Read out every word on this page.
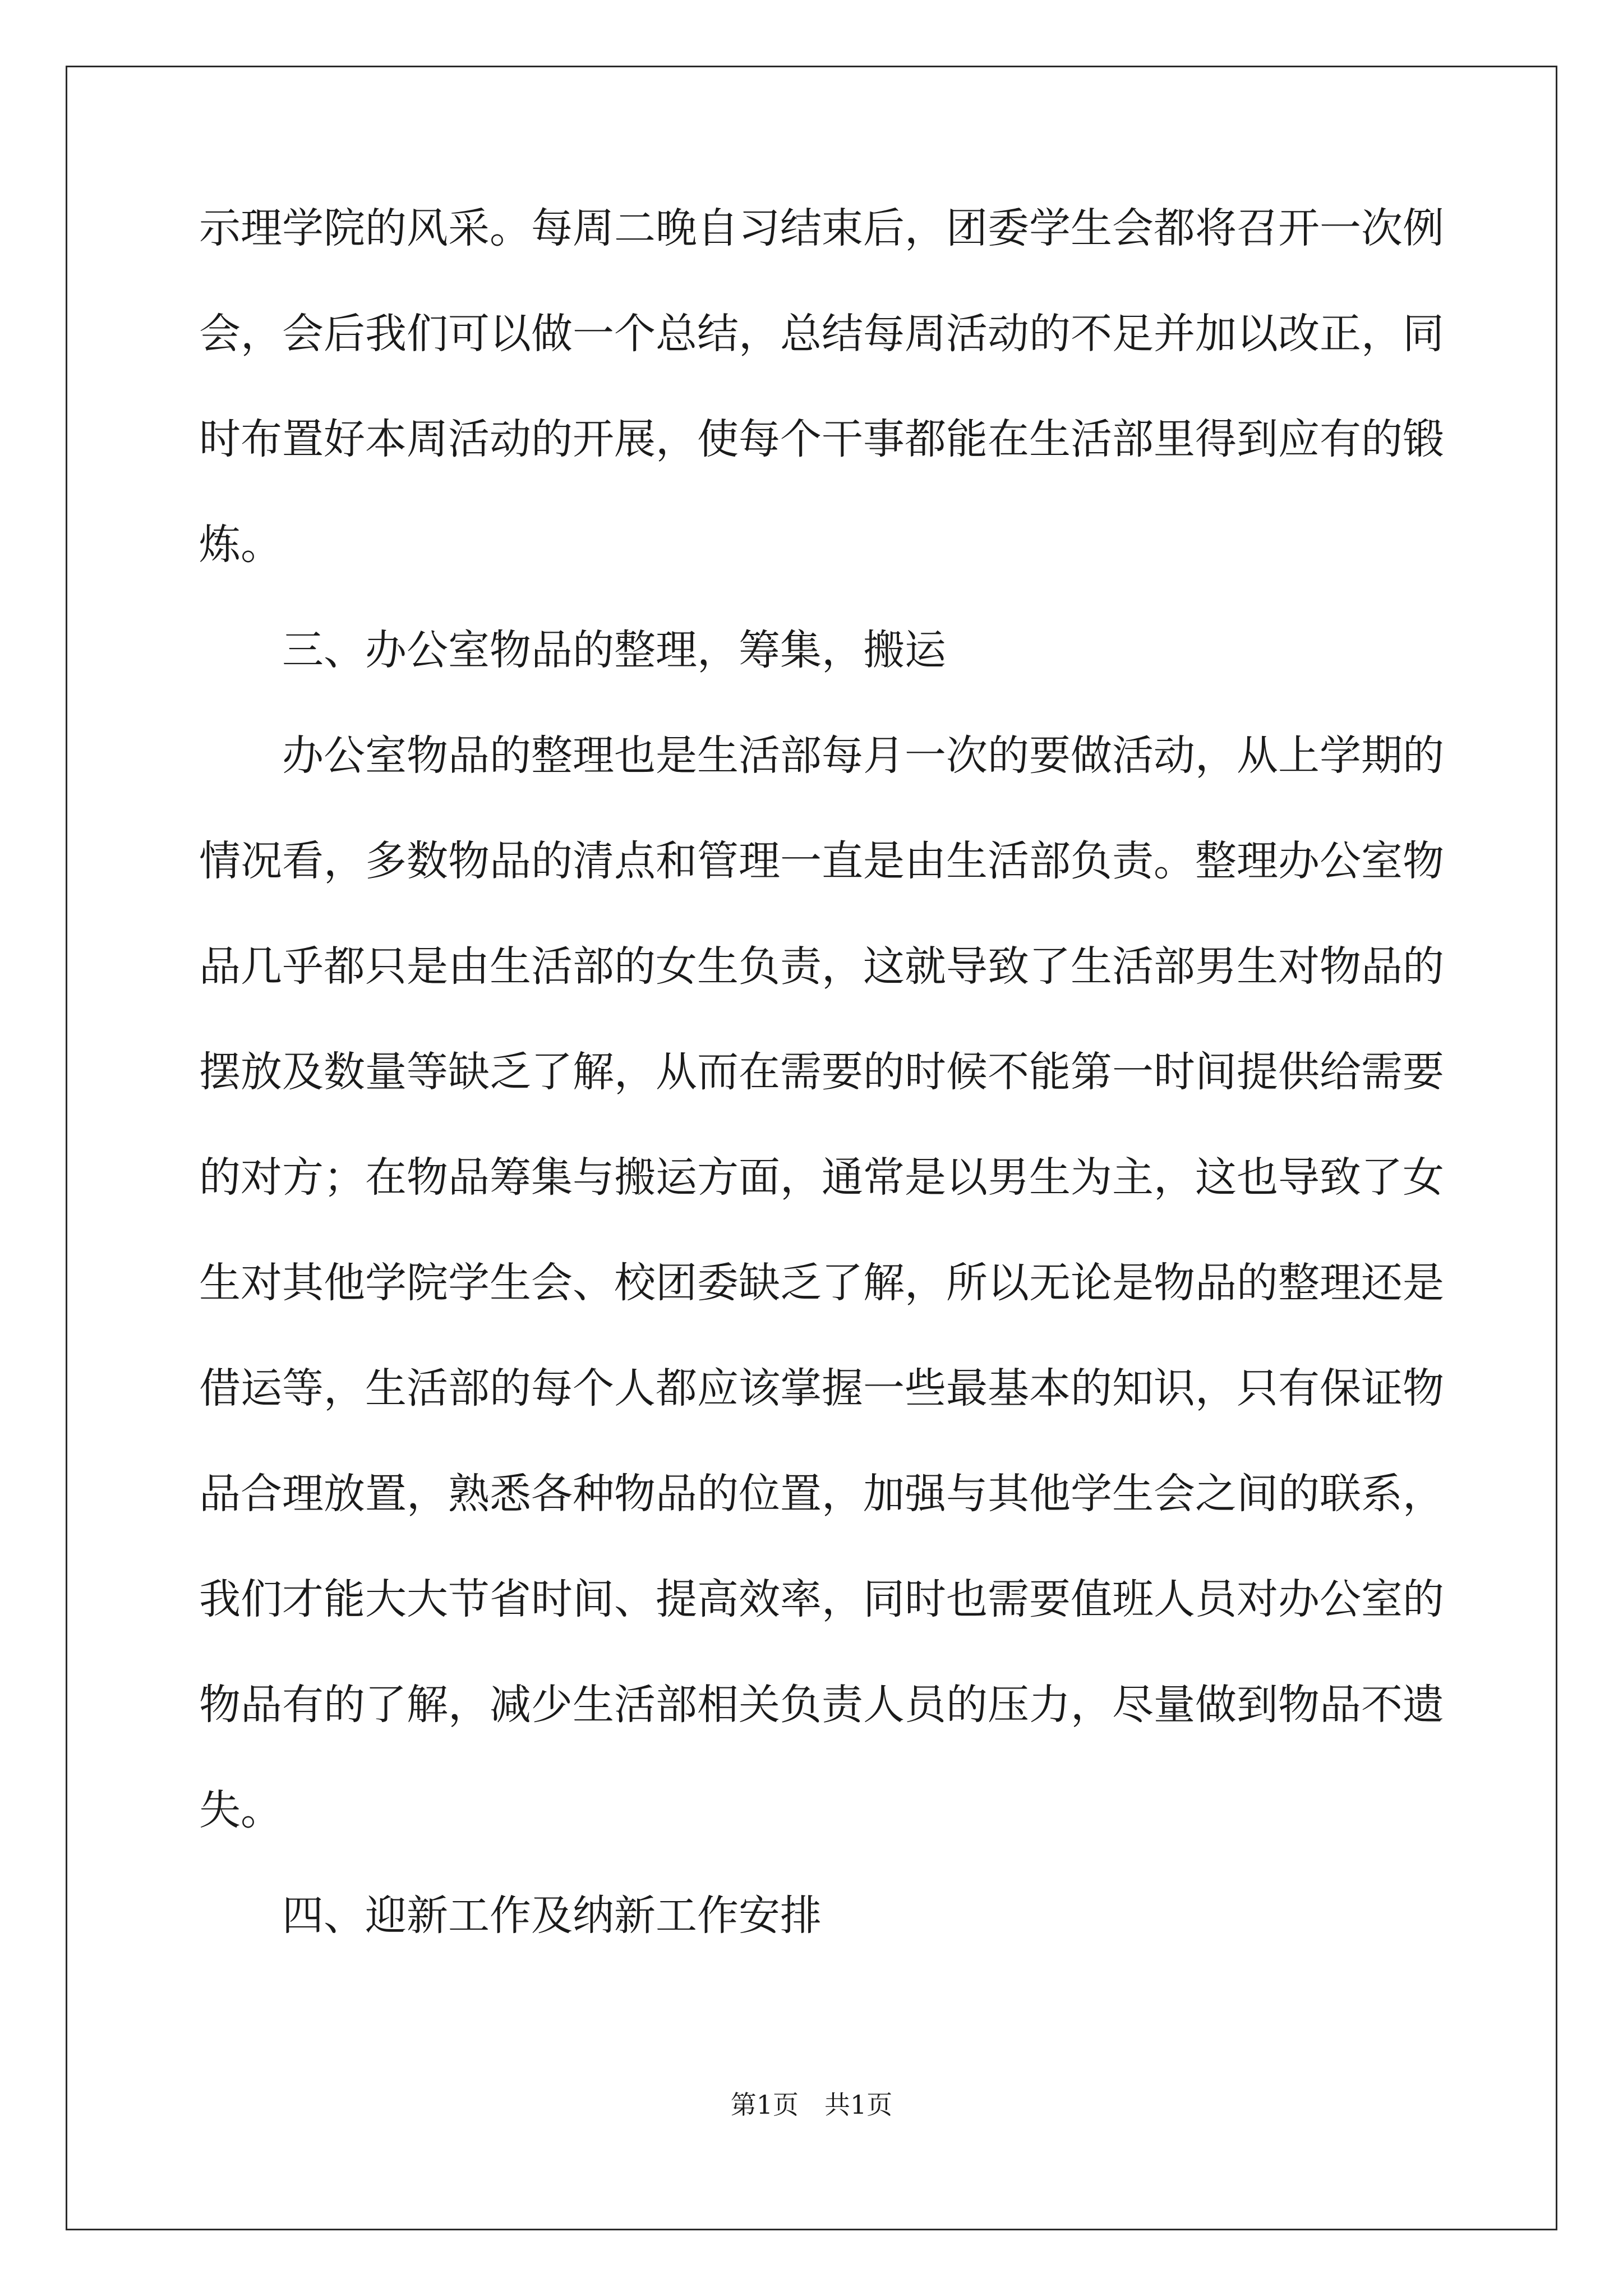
示理学院的风采。每周二晚自习结束后，团委学生会都将召开一次例
会，会后我们可以做一个总结，总结每周活动的不足并加以改正，同
时布置好本周活动的开展，使每个干事都能在生活部里得到应有的锻
炼。
三、办公室物品的整理，筹集，搬运
办公室物品的整理也是生活部每月一次的要做活动，从上学期的
情况看，多数物品的清点和管理一直是由生活部负责。整理办公室物
品几乎都只是由生活部的女生负责，这就导致了生活部男生对物品的
摆放及数量等缺乏了解，从而在需要的时候不能第一时间提供给需要
的对方；在物品筹集与搬运方面，通常是以男生为主，这也导致了女
生对其他学院学生会、校团委缺乏了解，所以无论是物品的整理还是
借运等，生活部的每个人都应该掌握一些最基本的知识，只有保证物
品合理放置，熟悉各种物品的位置，加强与其他学生会之间的联系，
我们才能大大节省时间、提高效率，同时也需要值班人员对办公室的
物品有的了解，减少生活部相关负责人员的压力，尽量做到物品不遗
失。
四、迎新工作及纳新工作安排
第1页　共1页
